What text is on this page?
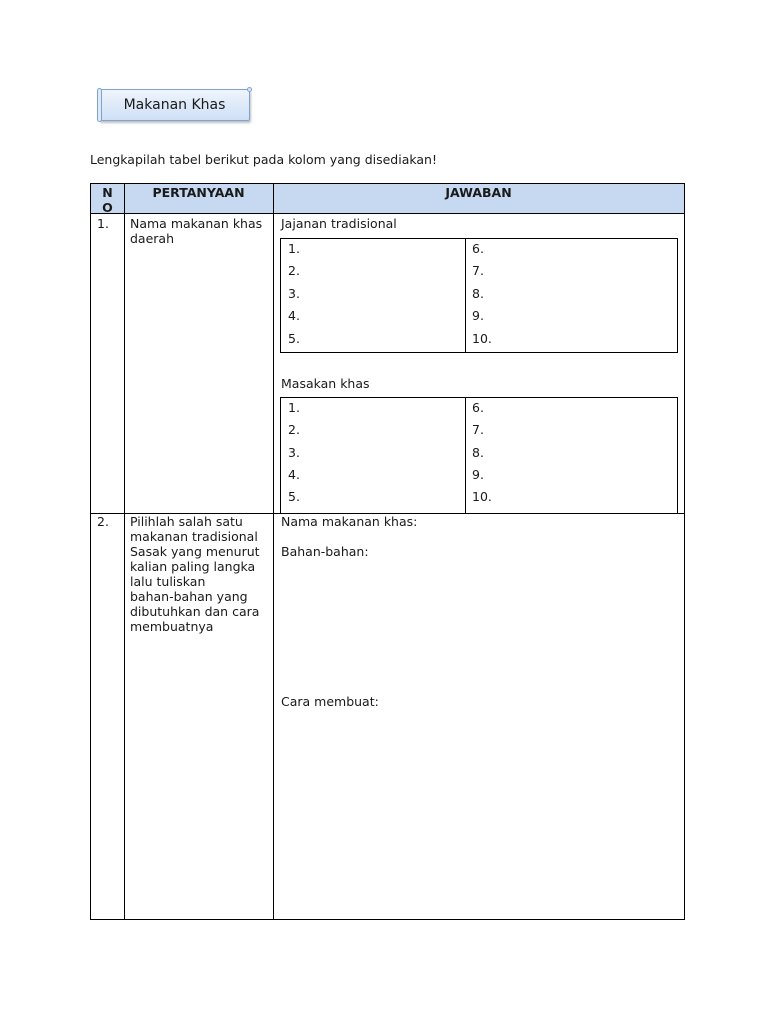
Makanan Khas
Lengkapilah tabel berikut pada kolom yang disediakan!
N
O
PERTANYAAN	JAWABAN
1. Nama makanan khas daerah
Jajanan tradisional
1.
2.
3.
4.
5.
6.
7.
8.
9.
10.
Masakan khas
1.
2.
3.
4.
5.
6.
7.
8.
9.
10.
2. Pilihlah salah satu
makanan tradisional
Sasak yang menurut
kalian paling langka
lalu tuliskan
bahan-bahan yang
dibutuhkan dan cara
membuatnya
Nama makanan khas:
Bahan-bahan:
Cara membuat:
